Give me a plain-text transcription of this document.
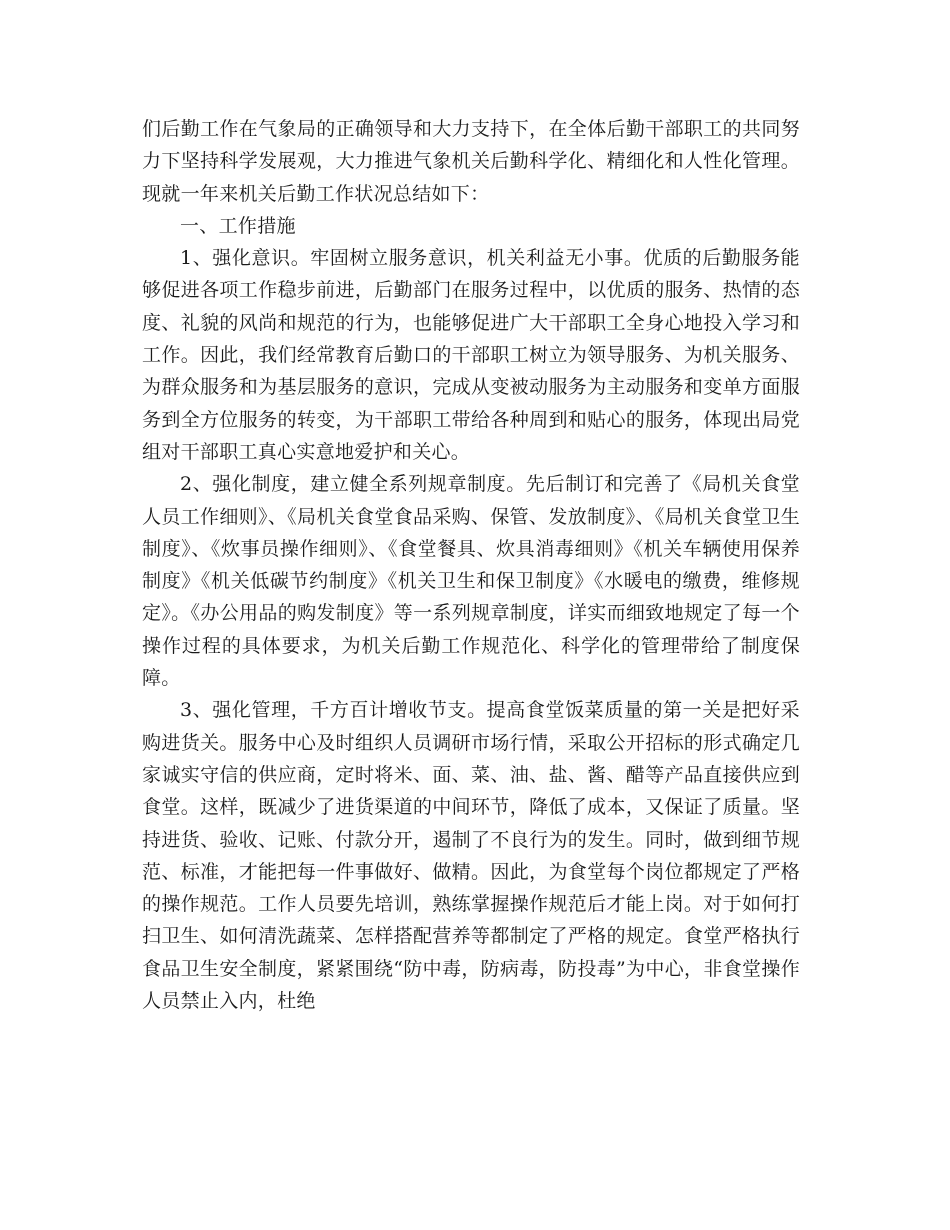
们后勤工作在气象局的正确领导和大力支持下，在全体后勤干部职工的共同努力下坚持科学发展观，大力推进气象机关后勤科学化、精细化和人性化管理。现就一年来机关后勤工作状况总结如下：

一、工作措施

1、强化意识。牢固树立服务意识，机关利益无小事。优质的后勤服务能够促进各项工作稳步前进，后勤部门在服务过程中，以优质的服务、热情的态度、礼貌的风尚和规范的行为，也能够促进广大干部职工全身心地投入学习和工作。因此，我们经常教育后勤口的干部职工树立为领导服务、为机关服务、为群众服务和为基层服务的意识，完成从变被动服务为主动服务和变单方面服务到全方位服务的转变，为干部职工带给各种周到和贴心的服务，体现出局党组对干部职工真心实意地爱护和关心。

2、强化制度，建立健全系列规章制度。先后制订和完善了《局机关食堂人员工作细则》、《局机关食堂食品采购、保管、发放制度》、《局机关食堂卫生制度》、《炊事员操作细则》、《食堂餐具、炊具消毒细则》《机关车辆使用保养制度》《机关低碳节约制度》《机关卫生和保卫制度》《水暖电的缴费，维修规定》。《办公用品的购发制度》等一系列规章制度，详实而细致地规定了每一个操作过程的具体要求，为机关后勤工作规范化、科学化的管理带给了制度保障。

3、强化管理，千方百计增收节支。提高食堂饭菜质量的第一关是把好采购进货关。服务中心及时组织人员调研市场行情，采取公开招标的形式确定几家诚实守信的供应商，定时将米、面、菜、油、盐、酱、醋等产品直接供应到食堂。这样，既减少了进货渠道的中间环节，降低了成本，又保证了质量。坚持进货、验收、记账、付款分开，遏制了不良行为的发生。同时，做到细节规范、标准，才能把每一件事做好、做精。因此，为食堂每个岗位都规定了严格的操作规范。工作人员要先培训，熟练掌握操作规范后才能上岗。对于如何打扫卫生、如何清洗蔬菜、怎样搭配营养等都制定了严格的规定。食堂严格执行食品卫生安全制度，紧紧围绕“防中毒，防病毒，防投毒”为中心，非食堂操作人员禁止入内，杜绝
